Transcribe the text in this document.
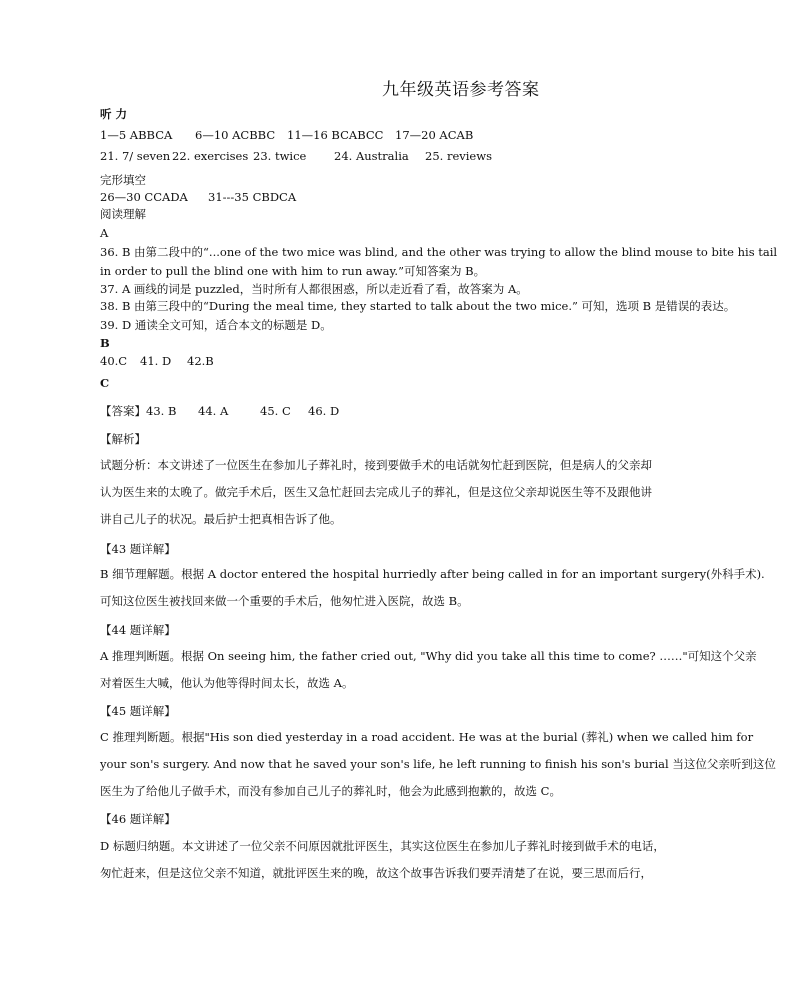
九年级英语参考答案
听 力
1—5 ABBCA 6—10 ACBBC 11—16 BCABCC 17—20 ACAB
21. 7/ seven 22. exercises 23. twice 24. Australia 25. reviews
完形填空
26—30 CCADA 31---35 CBDCA
阅读理解
A
36. B 由第二段中的“...one of the two mice was blind, and the other was trying to allow the blind mouse to bite his tail
in order to pull the blind one with him to run away.”可知答案为 B。
37. A 画线的词是 puzzled，当时所有人都很困惑，所以走近看了看，故答案为 A。
38. B 由第三段中的“During the meal time, they started to talk about the two mice.” 可知，选项 B 是错误的表达。
39. D 通读全文可知，适合本文的标题是 D。
B
40.C 41. D 42.B
C
【答案】43. B 44. A	45. C 46. D
【解析】
试题分析：本文讲述了一位医生在参加儿子葬礼时，接到要做手术的电话就匆忙赶到医院，但是病人的父亲却
认为医生来的太晚了。做完手术后，医生又急忙赶回去完成儿子的葬礼，但是这位父亲却说医生等不及跟他讲
讲自己儿子的状况。最后护士把真相告诉了他。
【43 题详解】
B 细节理解题。根据 A doctor entered the hospital hurriedly after being called in for an important surgery(外科手术).
可知这位医生被找回来做一个重要的手术后，他匆忙进入医院，故选 B。
【44 题详解】
A 推理判断题。根据 On seeing him, the father cried out, "Why did you take all this time to come? ……"可知这个父亲
对着医生大喊，他认为他等得时间太长，故选 A。
【45 题详解】
C 推理判断题。根据"His son died yesterday in a road accident. He was at the burial (葬礼) when we called him for
your son's surgery. And now that he saved your son's life, he left running to finish his son's burial 当这位父亲听到这位
医生为了给他儿子做手术，而没有参加自己儿子的葬礼时，他会为此感到抱歉的，故选 C。
【46 题详解】
D 标题归纳题。本文讲述了一位父亲不问原因就批评医生，其实这位医生在参加儿子葬礼时接到做手术的电话，
匆忙赶来，但是这位父亲不知道，就批评医生来的晚，故这个故事告诉我们要弄清楚了在说，要三思而后行，
